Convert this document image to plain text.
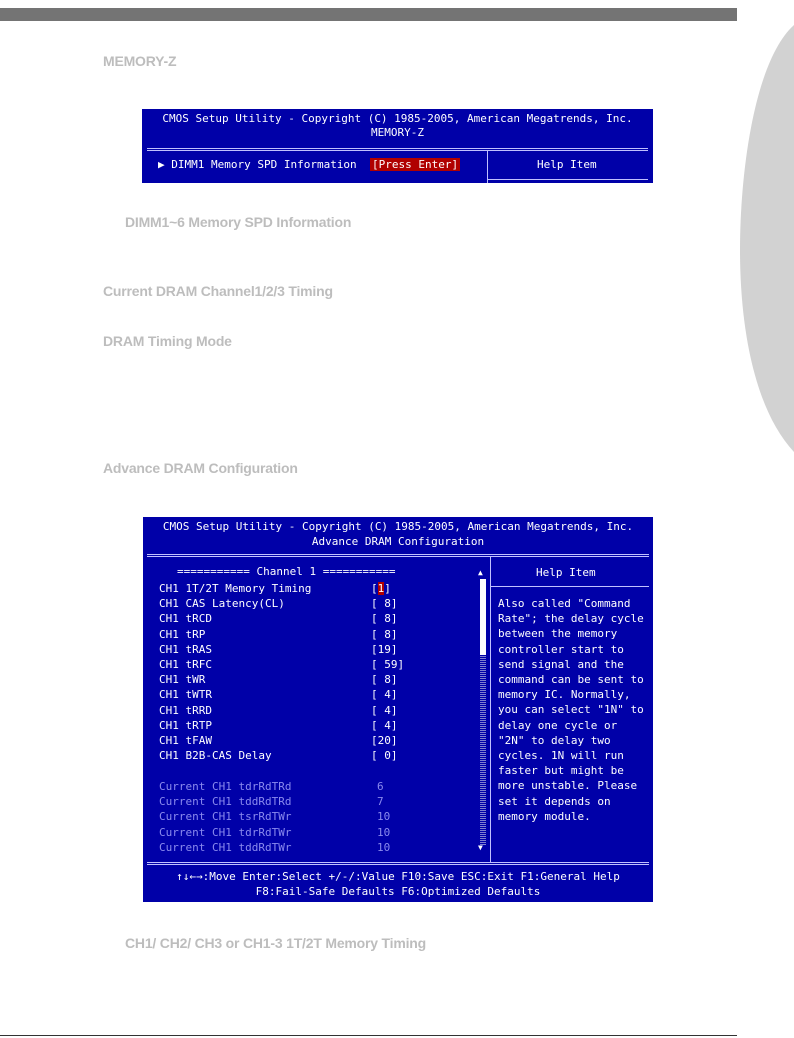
MEMORY-Z
CMOS Setup Utility - Copyright (C) 1985-2005, American Megatrends, Inc.
MEMORY-Z
▶ DIMM1 Memory SPD Information [Press Enter]	Help Item
DIMM1~6 Memory SPD Information
Current DRAM Channel1/2/3 Timing
DRAM Timing Mode
Advance DRAM Configuration
CMOS Setup Utility - Copyright (C) 1985-2005, American Megatrends, Inc.
Advance DRAM Configuration
=========== Channel 1 ===========	Help Item
CH1 1T/2T Memory Timing	[1]
CH1 CAS Latency(CL)	[ 8]
CH1 tRCD	[ 8]
CH1 tRP	[ 8]
CH1 tRAS	[19]
CH1 tRFC	[ 59]
CH1 tWR	[ 8]
CH1 tWTR	[ 4]
CH1 tRRD	[ 4]
CH1 tRTP	[ 4]
CH1 tFAW	[20]
CH1 B2B-CAS Delay	[ 0]
Current CH1 tdrRdTRd	6
Current CH1 tddRdTRd	7
Current CH1 tsrRdTWr	10
Current CH1 tdrRdTWr	10
Current CH1 tddRdTWr	10
Also called "Command
Rate"; the delay cycle
between the memory
controller start to
send signal and the
command can be sent to
memory IC. Normally,
you can select "1N" to
delay one cycle or
"2N" to delay two
cycles. 1N will run
faster but might be
more unstable. Please
set it depends on
memory module.
▲
▼
↑↓←→:Move Enter:Select +/-/:Value F10:Save ESC:Exit F1:General Help
F8:Fail-Safe Defaults F6:Optimized Defaults
CH1/ CH2/ CH3 or CH1-3 1T/2T Memory Timing
